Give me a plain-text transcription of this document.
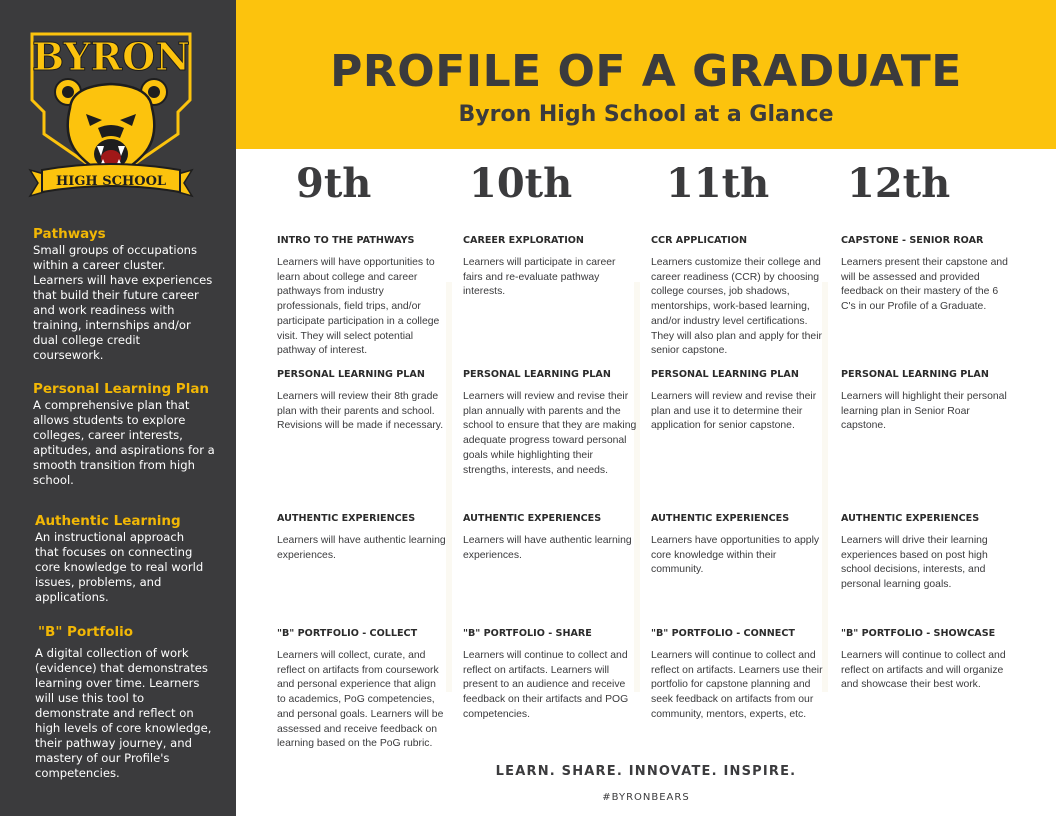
BYRON
HIGH SCHOOL
Pathways
Small groups of occupations within a career cluster. Learners will have experiences that build their future career and work readiness with training, internships and/or dual college credit coursework.
Personal Learning Plan
A comprehensive plan that allows students to explore colleges, career interests, aptitudes, and aspirations for a smooth transition from high school.
Authentic Learning
An instructional approach that focuses on connecting core knowledge to real world issues, problems, and applications.
"B" Portfolio
A digital collection of work (evidence) that demonstrates learning over time. Learners will use this tool to demonstrate and reflect on high levels of core knowledge, their pathway journey, and mastery of our Profile's competencies.
PROFILE OF A GRADUATE
Byron High School at a Glance
9th 10th 11th 12th
INTRO TO THE PATHWAYS
Learners will have opportunities to learn about college and career pathways from industry professionals, field trips, and/or participate participation in a college visit. They will select potential pathway of interest.
PERSONAL LEARNING PLAN
Learners will review their 8th grade plan with their parents and school. Revisions will be made if necessary.
AUTHENTIC EXPERIENCES
Learners will have authentic learning experiences.
"B" PORTFOLIO - COLLECT
Learners will collect, curate, and reflect on artifacts from coursework and personal experience that align to academics, PoG competencies, and personal goals. Learners will be assessed and receive feedback on learning based on the PoG rubric.
CAREER EXPLORATION
Learners will participate in career fairs and re-evaluate pathway interests.
PERSONAL LEARNING PLAN
Learners will review and revise their plan annually with parents and the school to ensure that they are making adequate progress toward personal goals while highlighting their strengths, interests, and needs.
AUTHENTIC EXPERIENCES
Learners will have authentic learning experiences.
"B" PORTFOLIO - SHARE
Learners will continue to collect and reflect on artifacts. Learners will present to an audience and receive feedback on their artifacts and POG competencies.
CCR APPLICATION
Learners customize their college and career readiness (CCR) by choosing college courses, job shadows, mentorships, work-based learning, and/or industry level certifications. They will also plan and apply for their senior capstone.
PERSONAL LEARNING PLAN
Learners will review and revise their plan and use it to determine their application for senior capstone.
AUTHENTIC EXPERIENCES
Learners have opportunities to apply core knowledge within their community.
"B" PORTFOLIO - CONNECT
Learners will continue to collect and reflect on artifacts. Learners use their portfolio for capstone planning and seek feedback on artifacts from our community, mentors, experts, etc.
CAPSTONE - SENIOR ROAR
Learners present their capstone and will be assessed and provided feedback on their mastery of the 6 C's in our Profile of a Graduate.
PERSONAL LEARNING PLAN
Learners will highlight their personal learning plan in Senior Roar capstone.
AUTHENTIC EXPERIENCES
Learners will drive their learning experiences based on post high school decisions, interests, and personal learning goals.
"B" PORTFOLIO - SHOWCASE
Learners will continue to collect and reflect on artifacts and will organize and showcase their best work.
LEARN. SHARE. INNOVATE. INSPIRE.
#BYRONBEARS
